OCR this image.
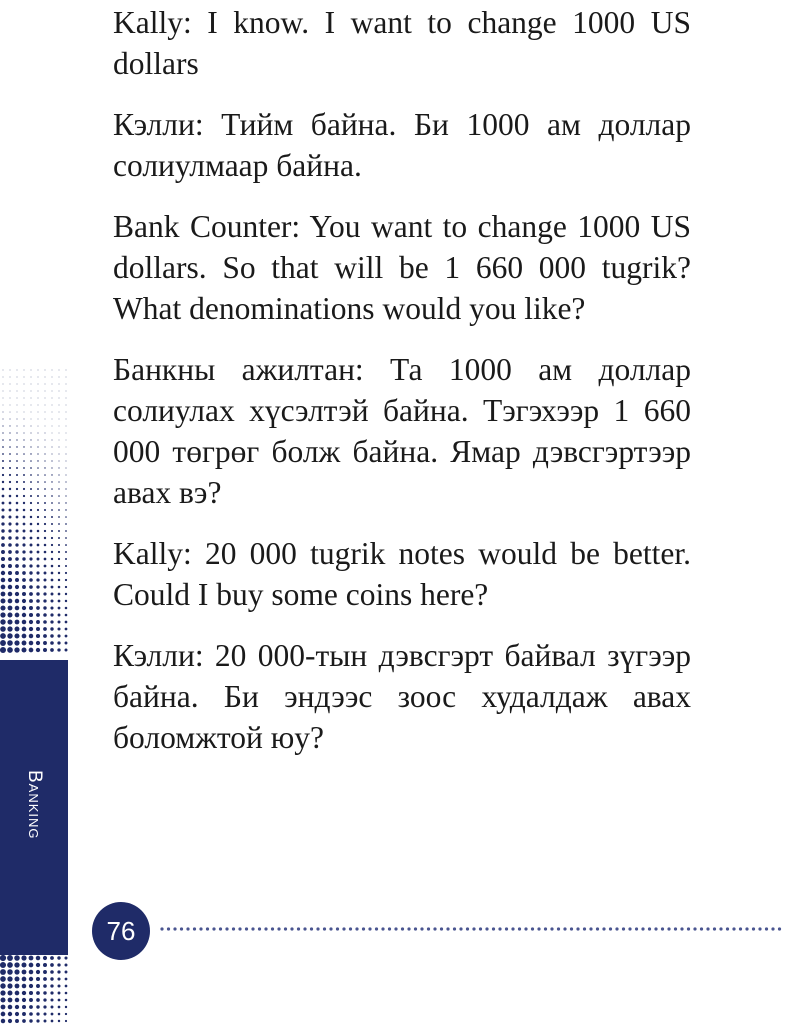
Banking

Kally: I know. I want to change 1000 US dollars

Кэлли: Тийм байна. Би 1000 ам доллар солиулмаар байна.

Bank Counter: You want to change 1000 US dollars. So that will be 1 660 000 tugrik? What denominations would you like?

Банкны ажилтан: Та 1000 ам доллар солиулах хүсэлтэй байна. Тэгэхээр 1 660 000 төгрөг болж байна. Ямар дэвсгэртээр авах вэ?

Kally: 20 000 tugrik notes would be better. Could I buy some coins here?

Кэлли: 20 000-тын дэвсгэрт байвал зүгээр байна. Би эндээс зоос худалдаж авах боломжтой юу?

76
